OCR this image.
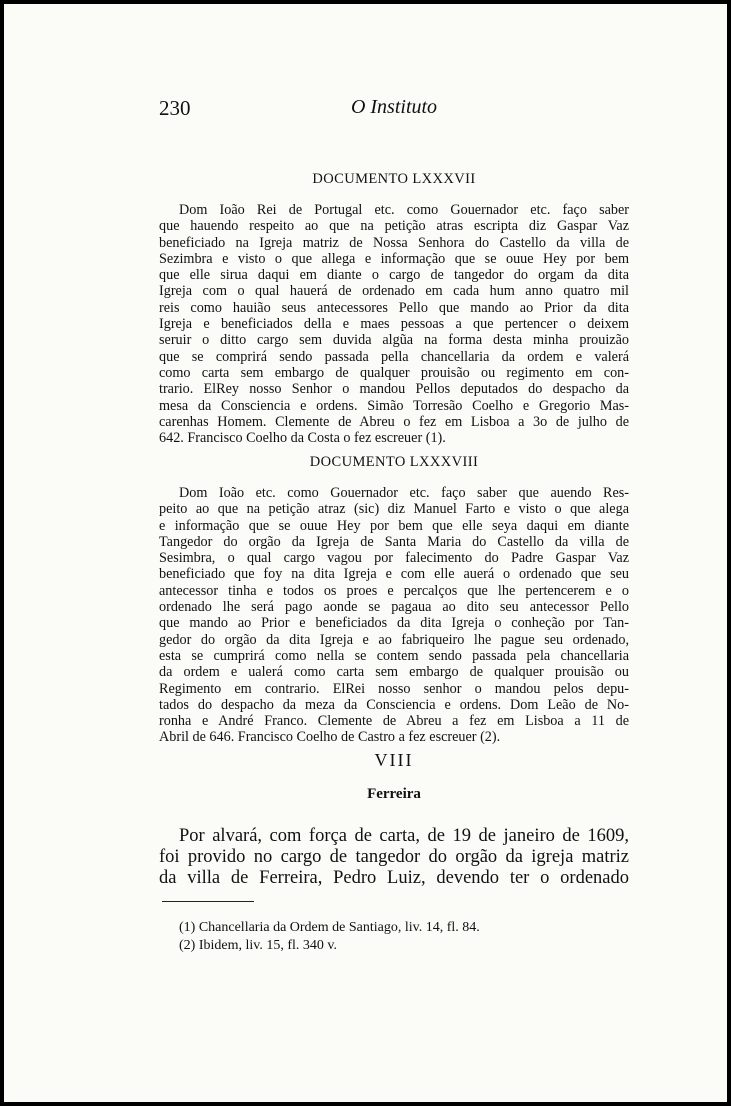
230	O Instituto
DOCUMENTO LXXXVII
Dom Ioão Rei de Portugal etc. como Gouernador etc. faço saber
que hauendo respeito ao que na petição atras escripta diz Gaspar Vaz
beneficiado na Igreja matriz de Nossa Senhora do Castello da villa de
Sezimbra e visto o que allega e informação que se ouue Hey por bem
que elle sirua daqui em diante o cargo de tangedor do orgam da dita
Igreja com o qual hauerá de ordenado em cada hum anno quatro mil
reis como hauião seus antecessores Pello que mando ao Prior da dita
Igreja e beneficiados della e maes pessoas a que pertencer o deixem
seruir o ditto cargo sem duvida algũa na forma desta minha prouizão
que se comprirá sendo passada pella chancellaria da ordem e valerá
como carta sem embargo de qualquer prouisão ou regimento em con-
trario. ElRey nosso Senhor o mandou Pellos deputados do despacho da
mesa da Consciencia e ordens. Simão Torresão Coelho e Gregorio Mas-
carenhas Homem. Clemente de Abreu o fez em Lisboa a 3o de julho de
642. Francisco Coelho da Costa o fez escreuer (1).
DOCUMENTO LXXXVIII
Dom Ioão etc. como Gouernador etc. faço saber que auendo Res-
peito ao que na petição atraz (sic) diz Manuel Farto e visto o que alega
e informação que se ouue Hey por bem que elle seya daqui em diante
Tangedor do orgão da Igreja de Santa Maria do Castello da villa de
Sesimbra, o qual cargo vagou por falecimento do Padre Gaspar Vaz
beneficiado que foy na dita Igreja e com elle auerá o ordenado que seu
antecessor tinha e todos os proes e percalços que lhe pertencerem e o
ordenado lhe será pago aonde se pagaua ao dito seu antecessor Pello
que mando ao Prior e beneficiados da dita Igreja o conheção por Tan-
gedor do orgão da dita Igreja e ao fabriqueiro lhe pague seu ordenado,
esta se cumprirá como nella se contem sendo passada pela chancellaria
da ordem e ualerá como carta sem embargo de qualquer prouisão ou
Regimento em contrario. ElRei nosso senhor o mandou pelos depu-
tados do despacho da meza da Consciencia e ordens. Dom Leão de No-
ronha e André Franco. Clemente de Abreu a fez em Lisboa a 11 de
Abril de 646. Francisco Coelho de Castro a fez escreuer (2).
VIII
Ferreira
Por alvará, com força de carta, de 19 de janeiro de 1609,
foi provido no cargo de tangedor do orgão da igreja matriz
da villa de Ferreira, Pedro Luiz, devendo ter o ordenado
(1) Chancellaria da Ordem de Santiago, liv. 14, fl. 84.
(2) Ibidem, liv. 15, fl. 340 v.
